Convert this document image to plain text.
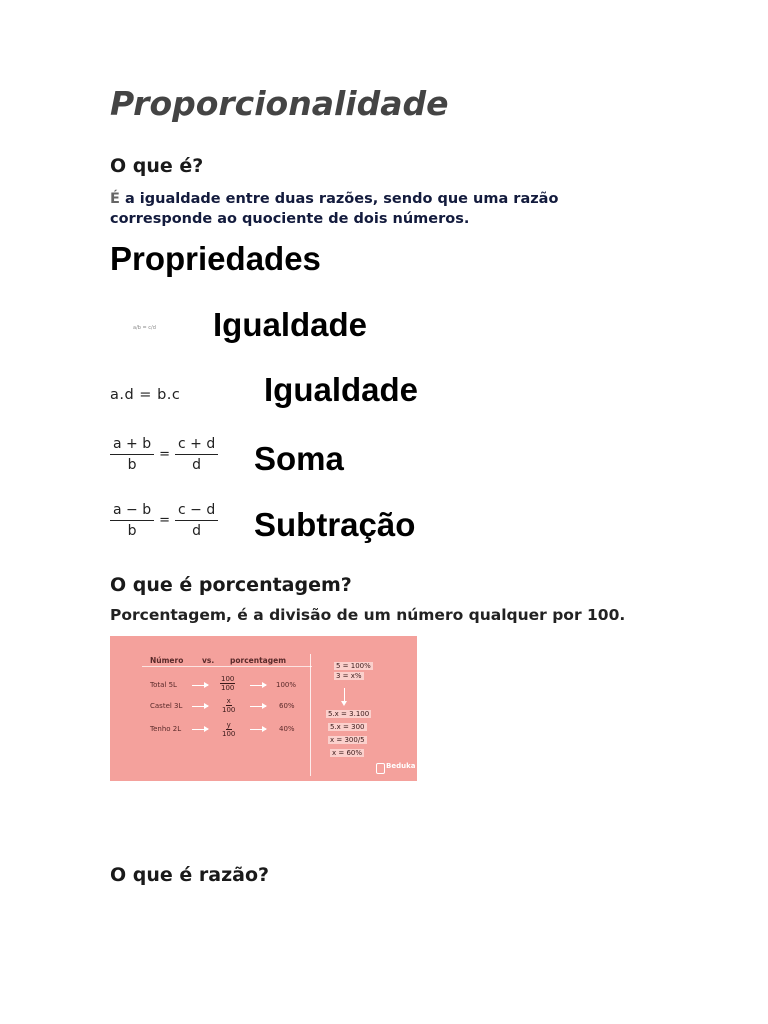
Proporcionalidade
O que é?
É a igualdade entre duas razões, sendo que uma razão
corresponde ao quociente de dois números.
Propriedades
a/b = c/d Igualdade
a.d = b.c	Igualdade
$\frac{a + b}{b} = \frac{c + d}{d}$ Soma
$\frac{a - b}{b} = \frac{c - d}{d}$ Subtração
O que é porcentagem?
Porcentagem, é a divisão de um número qualquer por 100.
Número vs. porcentagem
Total 5L	$\frac{100}{100}$	100%
Castel 3L	$\frac{x}{100}$	60%
Tenho 2L	$\frac{y}{100}$	40%
5 = 100%
3 = x%
5.x = 3.100
5.x = 300
x = 300/5
x = 60%
Beduka
O que é razão?
